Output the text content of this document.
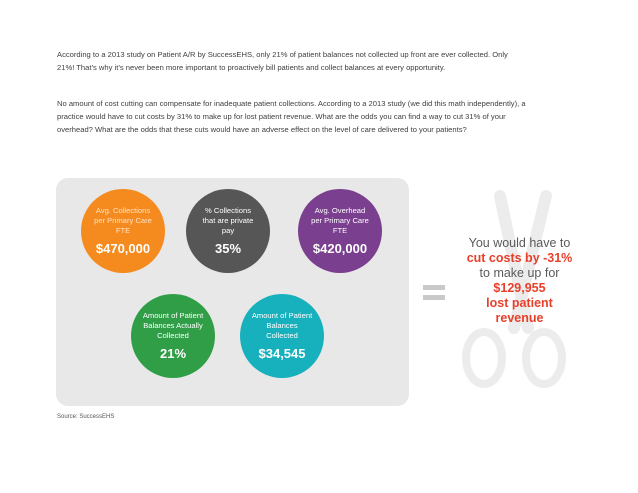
According to a 2013 study on Patient A/R by SuccessEHS, only 21% of patient balances not collected up front are ever collected. Only 21%! That’s why it’s never been more important to proactively bill patients and collect balances at every opportunity.

No amount of cost cutting can compensate for inadequate patient collections. According to a 2013 study (we did this math independently), a practice would have to cut costs by 31% to make up for lost patient revenue. What are the odds you can find a way to cut 31% of your overhead? What are the odds that these cuts would have an adverse effect on the level of care delivered to your patients?

Avg. Collections per Primary Care FTE
$470,000
% Collections that are private pay
35%
Avg. Overhead per Primary Care FTE
$420,000
Amount of Patient Balances Actually Collected
21%
Amount of Patient Balances Collected
$34,545
You would have to
cut costs by -31%
to make up for
$129,955
lost patient
revenue
Source: SuccessEHS
